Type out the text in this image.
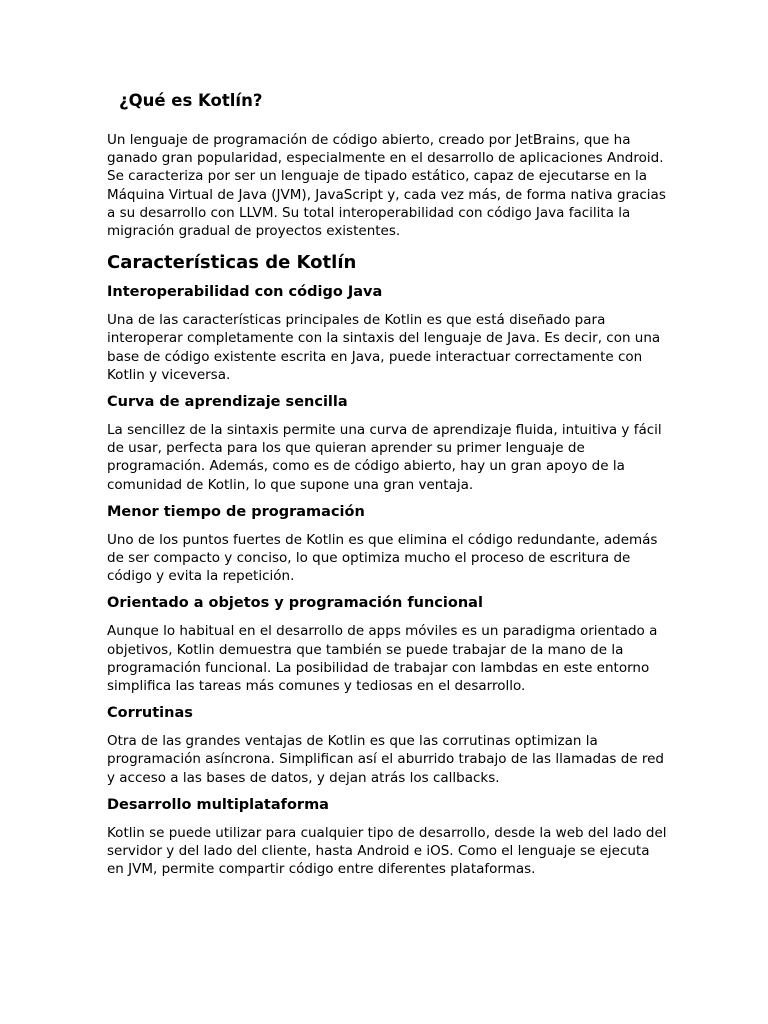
¿Qué es Kotlín?

Un lenguaje de programación de código abierto, creado por JetBrains, que ha ganado gran popularidad, especialmente en el desarrollo de aplicaciones Android. Se caracteriza por ser un lenguaje de tipado estático, capaz de ejecutarse en la Máquina Virtual de Java (JVM), JavaScript y, cada vez más, de forma nativa gracias a su desarrollo con LLVM. Su total interoperabilidad con código Java facilita la migración gradual de proyectos existentes.

Características de Kotlín
Interoperabilidad con código Java

Una de las características principales de Kotlin es que está diseñado para interoperar completamente con la sintaxis del lenguaje de Java. Es decir, con una base de código existente escrita en Java, puede interactuar correctamente con Kotlin y viceversa.

Curva de aprendizaje sencilla

La sencillez de la sintaxis permite una curva de aprendizaje fluida, intuitiva y fácil de usar, perfecta para los que quieran aprender su primer lenguaje de programación. Además, como es de código abierto, hay un gran apoyo de la comunidad de Kotlin, lo que supone una gran ventaja.

Menor tiempo de programación

Uno de los puntos fuertes de Kotlin es que elimina el código redundante, además de ser compacto y conciso, lo que optimiza mucho el proceso de escritura de código y evita la repetición.

Orientado a objetos y programación funcional

Aunque lo habitual en el desarrollo de apps móviles es un paradigma orientado a objetivos, Kotlin demuestra que también se puede trabajar de la mano de la programación funcional. La posibilidad de trabajar con lambdas en este entorno simplifica las tareas más comunes y tediosas en el desarrollo.

Corrutinas

Otra de las grandes ventajas de Kotlin es que las corrutinas optimizan la programación asíncrona. Simplifican así el aburrido trabajo de las llamadas de red y acceso a las bases de datos, y dejan atrás los callbacks.

Desarrollo multiplataforma

Kotlin se puede utilizar para cualquier tipo de desarrollo, desde la web del lado del servidor y del lado del cliente, hasta Android e iOS. Como el lenguaje se ejecuta en JVM, permite compartir código entre diferentes plataformas.
